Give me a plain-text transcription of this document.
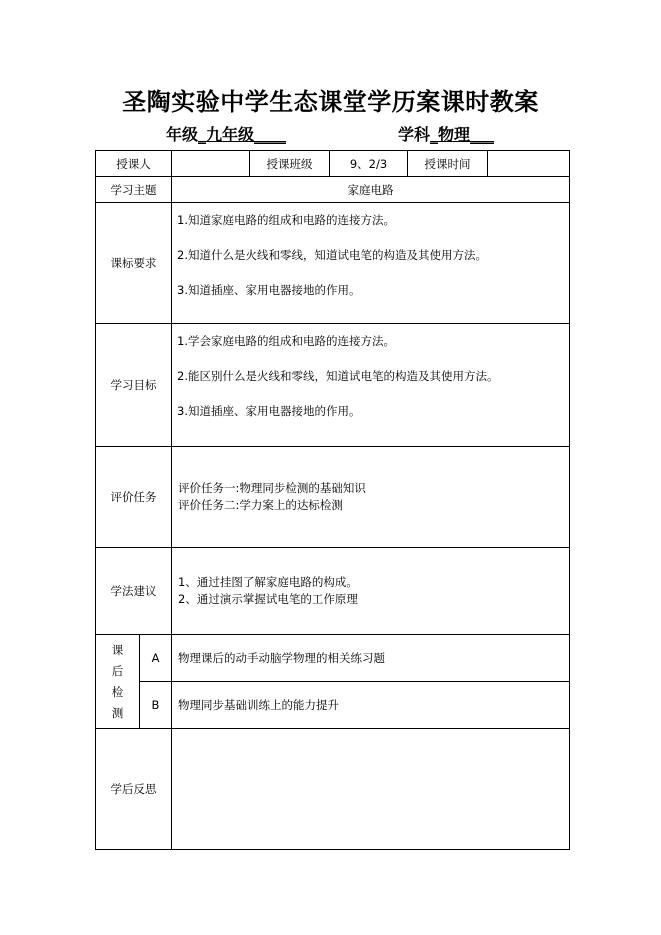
圣陶实验中学生态课堂学历案课时教案
年级_九年级____	学科_物理___
授课人			授课班级	9、2/3	授课时间	
学习主题		家庭电路				
课标要求		1.知道家庭电路的组成和电路的连接方法。

2.知道什么是火线和零线，知道试电笔的构造及其使用方法。

3.知道插座、家用电器接地的作用。				

学习目标		1.学会家庭电路的组成和电路的连接方法。

2.能区别什么是火线和零线，知道试电笔的构造及其使用方法。

3.知道插座、家用电器接地的作用。				

评价任务		评价任务一:物理同步检测的基础知识

评价任务二:学力案上的达标检测				

学法建议		1、通过挂图了解家庭电路的构成。

2、通过演示掌握试电笔的工作原理				

课
后
检
测	A	物理课后的动手动脑学物理的相关练习题				
	B	物理同步基础训练上的能力提升				
学后反思						
